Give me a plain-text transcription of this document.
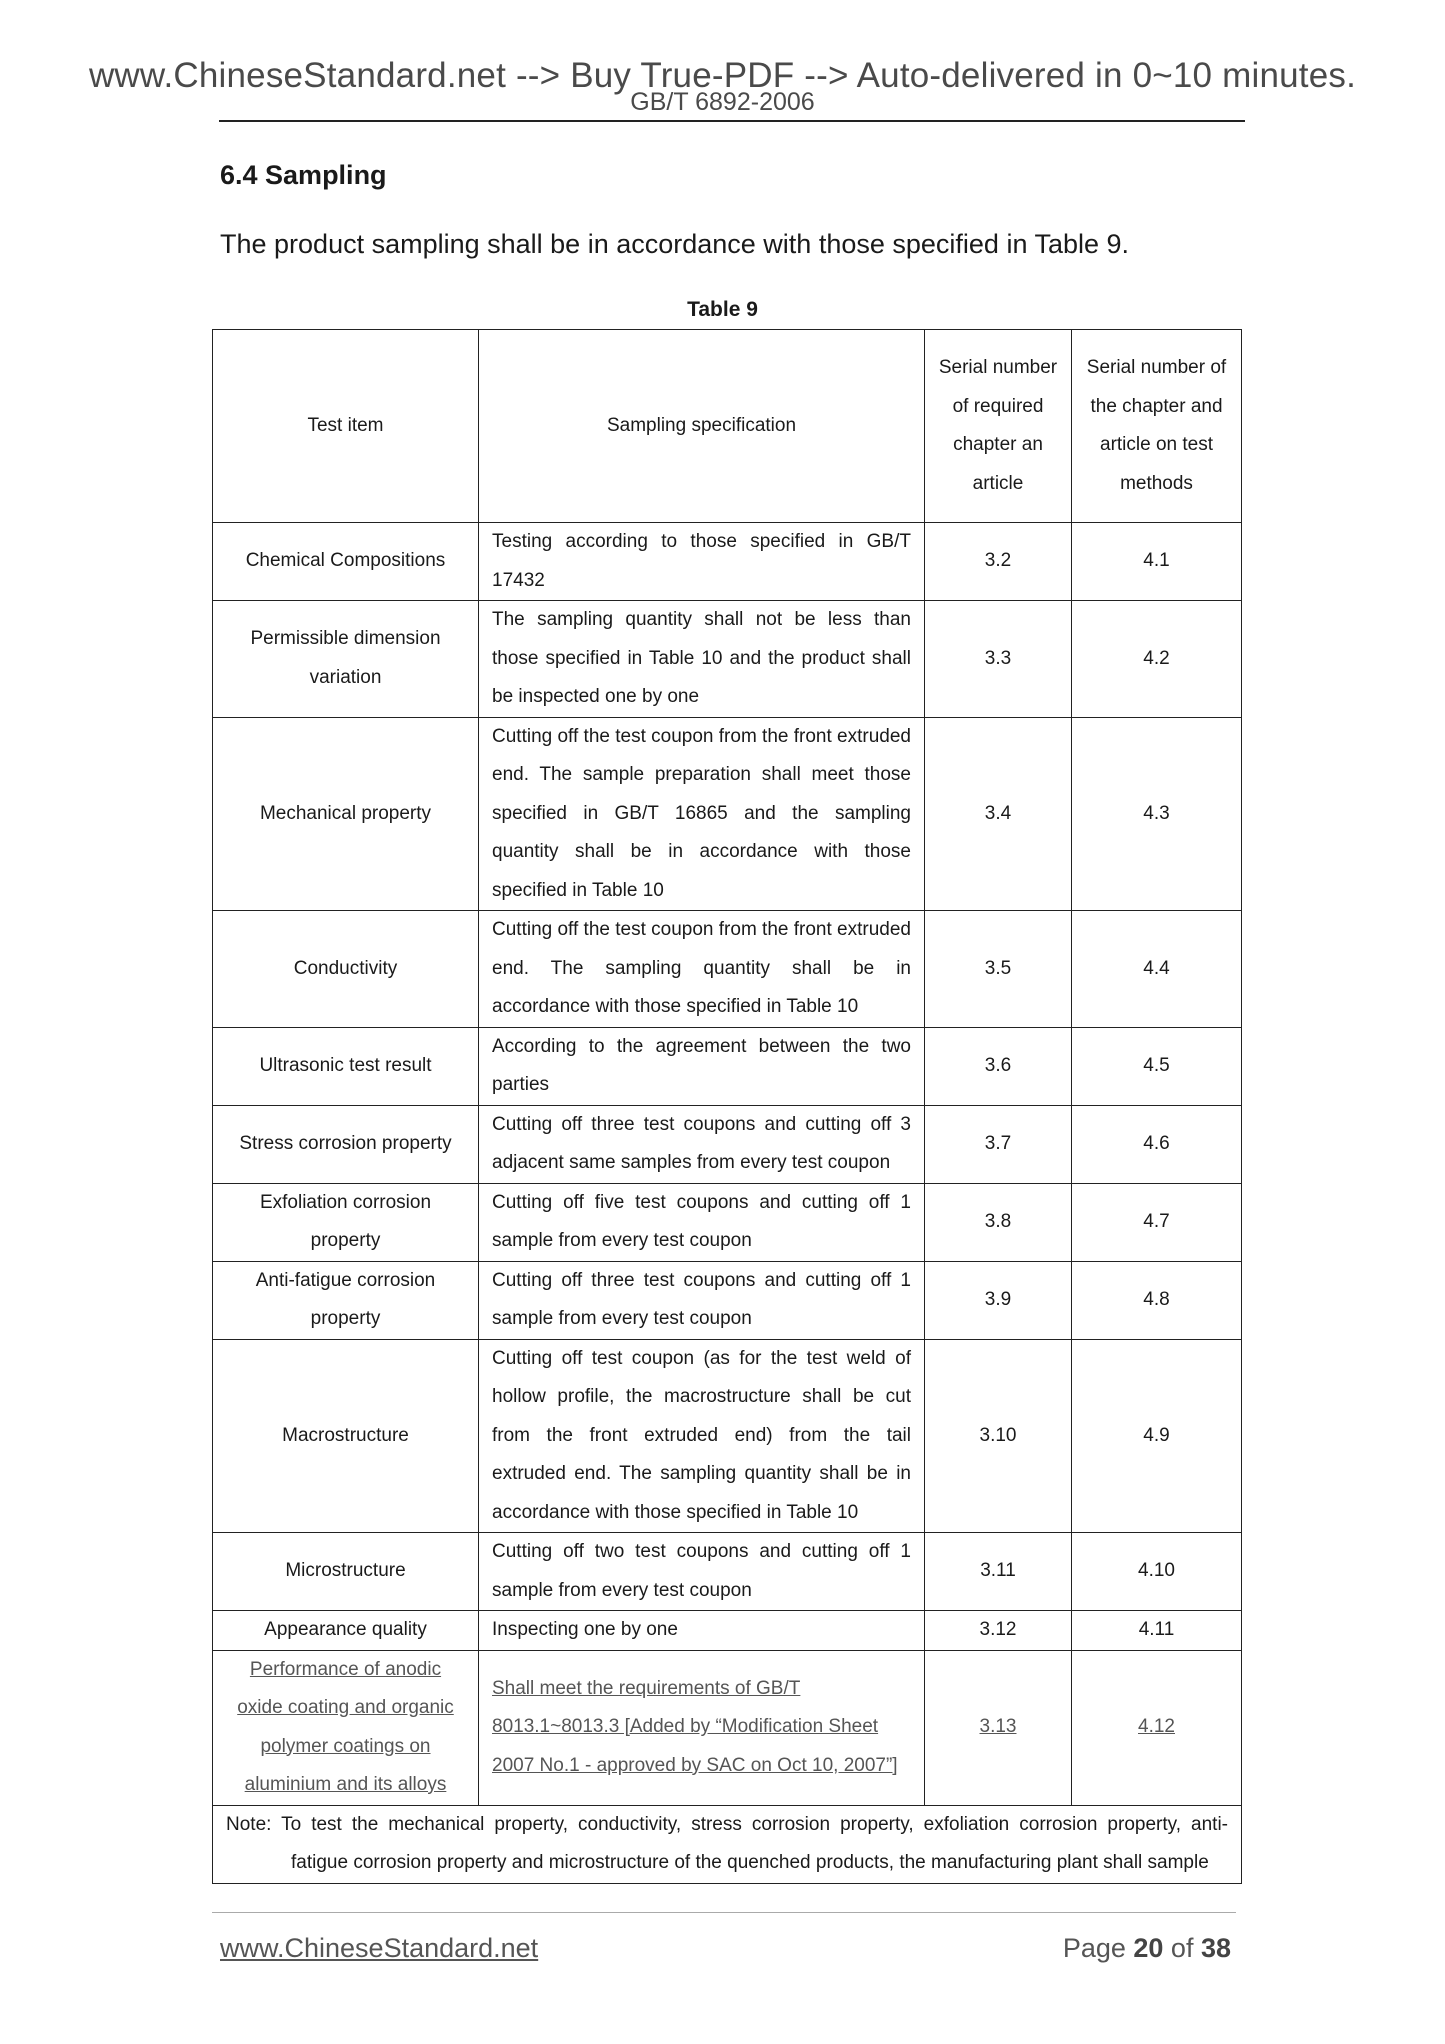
www.ChineseStandard.net --> Buy True-PDF --> Auto-delivered in 0~10 minutes.
GB/T 6892-2006
6.4 Sampling
The product sampling shall be in accordance with those specified in Table 9.
Table 9
Test item	Sampling specification	Serial number of required chapter an article	Serial number of the chapter and article on test methods
Chemical Compositions	Testing according to those specified in GB/T 17432	3.2	4.1
Permissible dimension variation	The sampling quantity shall not be less than those specified in Table 10 and the product shall be inspected one by one	3.3	4.2
Mechanical property	Cutting off the test coupon from the front extruded end. The sample preparation shall meet those specified in GB/T 16865 and the sampling quantity shall be in accordance with those specified in Table 10	3.4	4.3
Conductivity	Cutting off the test coupon from the front extruded end. The sampling quantity shall be in accordance with those specified in Table 10	3.5	4.4
Ultrasonic test result	According to the agreement between the two parties	3.6	4.5
Stress corrosion property	Cutting off three test coupons and cutting off 3 adjacent same samples from every test coupon	3.7	4.6
Exfoliation corrosion property	Cutting off five test coupons and cutting off 1 sample from every test coupon	3.8	4.7
Anti-fatigue corrosion property	Cutting off three test coupons and cutting off 1 sample from every test coupon	3.9	4.8
Macrostructure	Cutting off test coupon (as for the test weld of hollow profile, the macrostructure shall be cut from the front extruded end) from the tail extruded end. The sampling quantity shall be in accordance with those specified in Table 10	3.10	4.9
Microstructure	Cutting off two test coupons and cutting off 1 sample from every test coupon	3.11	4.10
Appearance quality	Inspecting one by one	3.12	4.11
Performance of anodic oxide coating and organic polymer coatings on aluminium and its alloys	Shall meet the requirements of GB/T 8013.1~8013.3 [Added by “Modification Sheet 2007 No.1 - approved by SAC on Oct 10, 2007”]	3.13	4.12

Note: To test the mechanical property, conductivity, stress corrosion property, exfoliation corrosion property, anti-
fatigue corrosion property and microstructure of the quenched products, the manufacturing plant shall sample			
www.ChineseStandard.net	Page 20 of 38
